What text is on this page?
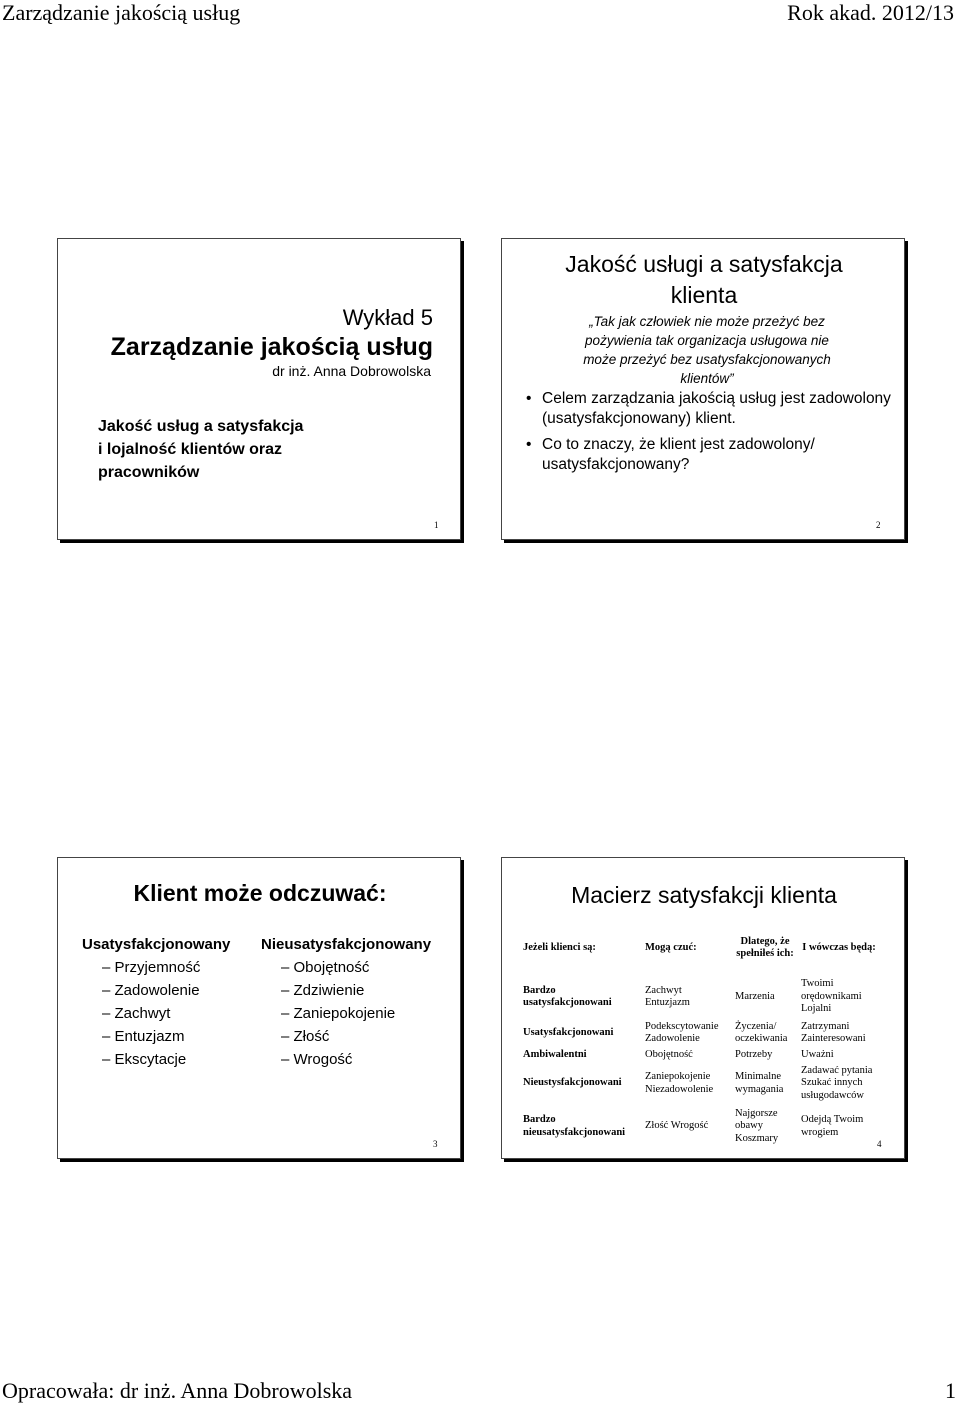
Zarządzanie jakością usług	Rok akad. 2012/13
Opracowała: dr inż. Anna Dobrowolska	1
Wykład 5
Zarządzanie jakością usług
dr inż. Anna Dobrowolska
Jakość usług a satysfakcja
i lojalność klientów oraz
pracowników
1
Jakość usługi a satysfakcja
klienta
„Tak jak człowiek nie może przeżyć bez
pożywienia tak organizacja usługowa nie
może przeżyć bez usatysfakcjonowanych
klientów”
• Celem zarządzania jakością usług jest zadowolony (usatysfakcjonowany) klient.
• Co to znaczy, że klient jest zadowolony/ usatysfakcjonowany?
2
Klient może odczuwać:
Usatysfakcjonowany
– Przyjemność
– Zadowolenie
– Zachwyt
– Entuzjazm
– Ekscytacje
Nieusatysfakcjonowany
– Obojętność
– Zdziwienie
– Zaniepokojenie
– Złość
– Wrogość
3
Macierz satysfakcji klienta
Jeżeli klienci są:	Mogą czuć:	Dlatego, że spełniłeś ich:	I wówczas będą:
Bardzo usatysfakcjonowani	Zachwyt Entuzjazm	Marzenia	Twoimi orędownikami Lojalni
Usatysfakcjonowani	Podekscytowanie Zadowolenie	Życzenia/ oczekiwania	Zatrzymani Zainteresowani
Ambiwalentni	Obojętność	Potrzeby	Uważni
Nieustysfakcjonowani	Zaniepokojenie Niezadowolenie	Minimalne wymagania	Zadawać pytania Szukać innych usługodawców
Bardzo nieusatysfakcjonowani	Złość Wrogość	Najgorsze obawy Koszmary	Odejdą Twoim wrogiem
4
